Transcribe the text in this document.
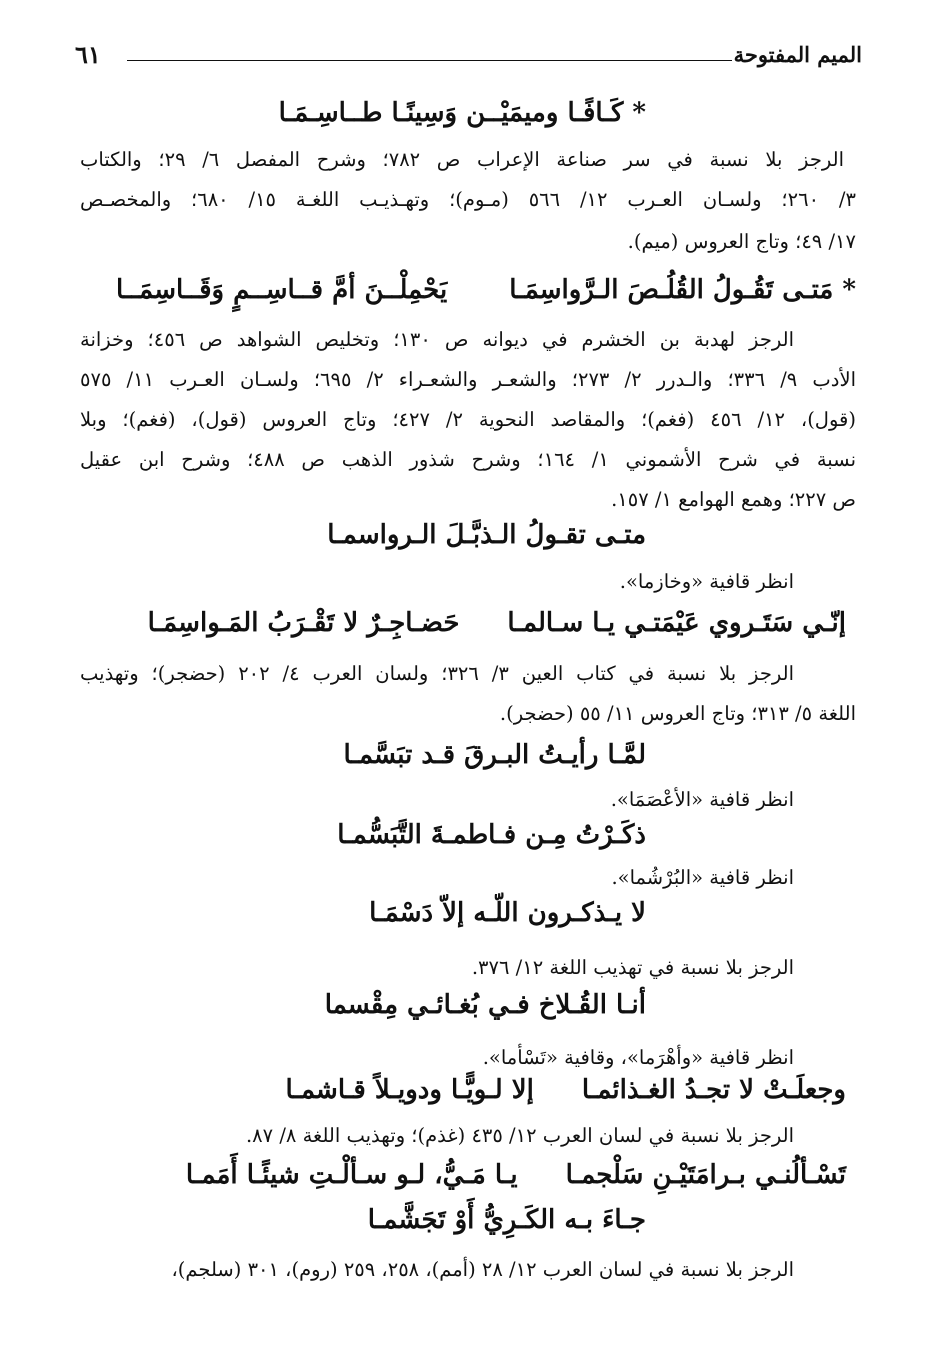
٦١	الميم المفتوحة
* كَـافًـا وميمَيْــن وَسِينًـا طــاسِـمَـا
الرجز بلا نسبة في سر صناعة الإعراب ص ٧٨٢؛ وشرح المفصل ٦/ ٢٩؛ والكتاب
٣/ ٢٦٠؛ ولسـان العـرب ١٢/ ٥٦٦ (مـوم)؛ وتهـذيـب اللغـة ١٥/ ٦٨٠؛ والمخصـص
١٧/ ٤٩؛ وتاج العروس (ميم).
* مَتـى تَقُـولُ القُلُـصَ الـرَّواسِمَـايَحْمِلْــنَ أمَّ قــاسِــمٍ وَقَــاسِمَــا
الرجز لهدبة بن الخشرم في ديوانه ص ١٣٠؛ وتخليص الشواهد ص ٤٥٦؛ وخزانة
الأدب ٩/ ٣٣٦؛ والـدرر ٢/ ٢٧٣؛ والشعـر والشعـراء ٢/ ٦٩٥؛ ولسـان العـرب ١١/ ٥٧٥
(قول)، ١٢/ ٤٥٦ (فغم)؛ والمقاصد النحوية ٢/ ٤٢٧؛ وتاج العروس (قول)، (فغم)؛ وبلا
نسبة في شرح الأشموني ١/ ١٦٤؛ وشرح شذور الذهب ص ٤٨٨؛ وشرح ابن عقيل
ص ٢٢٧؛ وهمع الهوامع ١/ ١٥٧.
متـى تقـولُ الـذبَّـلَ الـرواسمـا
انظر قافية «وخازما».
إنّـي سَتَـروي عَيْمَتـي يـا سـالمـاحَضـاجِـرٌ لا تَقْـرَبُ المَـواسِمَـا
الرجز بلا نسبة في كتاب العين ٣/ ٣٢٦؛ ولسان العرب ٤/ ٢٠٢ (حضجر)؛ وتهذيب
اللغة ٥/ ٣١٣؛ وتاج العروس ١١/ ٥٥ (حضجر).
لمَّـا رأيـتُ البـرقَ قـد تبَسَّمـا
انظر قافية «الأعْصَمَا».
ذكَـرْتُ مِـن فـاطمـةَ التَّبَسُّمـا
انظر قافية «البُرْشُما».
لا يـذكـرون اللّـه إلاّ دَسْمَـا
الرجز بلا نسبة في تهذيب اللغة ١٢/ ٣٧٦.
أنـا القُـلاخ فـي بُغـائـي مِقْسما
انظر قافية «وأهْرَما»، وقافية «تَسْأما».
وجعلَـتْ لا تجـدُ الغـذائمـاإلا لـويًّـا ودويـلاً قـاشمـا
الرجز بلا نسبة في لسان العرب ١٢/ ٤٣٥ (غذم)؛ وتهذيب اللغة ٨/ ٨٧.
تَسْـألُنـي بـرامَتَيْـنِ سَلْجمـايـا مَـيُّ، لـو سـألْـتِ شيئًـا أَمَمـا
جـاءَ بـه الكَـرِيُّ أَوْ تَجَشَّمـا
الرجز بلا نسبة في لسان العرب ١٢/ ٢٨ (أمم)، ٢٥٨، ٢٥٩ (روم)، ٣٠١ (سلجم)،
